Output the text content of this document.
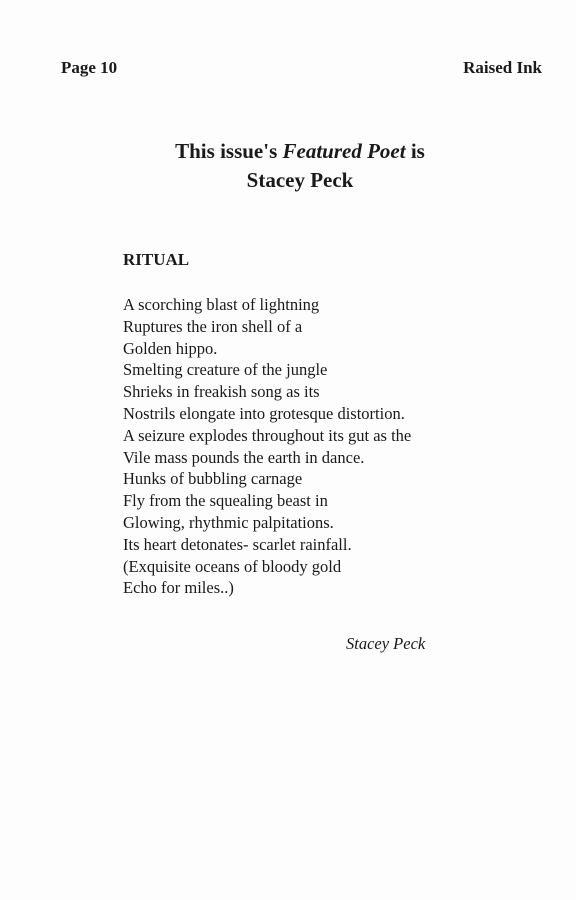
Page 10	Raised Ink
This issue's Featured Poet is
Stacey Peck
RITUAL
A scorching blast of lightning
Ruptures the iron shell of a
Golden hippo.
Smelting creature of the jungle
Shrieks in freakish song as its
Nostrils elongate into grotesque distortion.
A seizure explodes throughout its gut as the
Vile mass pounds the earth in dance.
Hunks of bubbling carnage
Fly from the squealing beast in
Glowing, rhythmic palpitations.
Its heart detonates- scarlet rainfall.
(Exquisite oceans of bloody gold
Echo for miles..)
Stacey Peck
